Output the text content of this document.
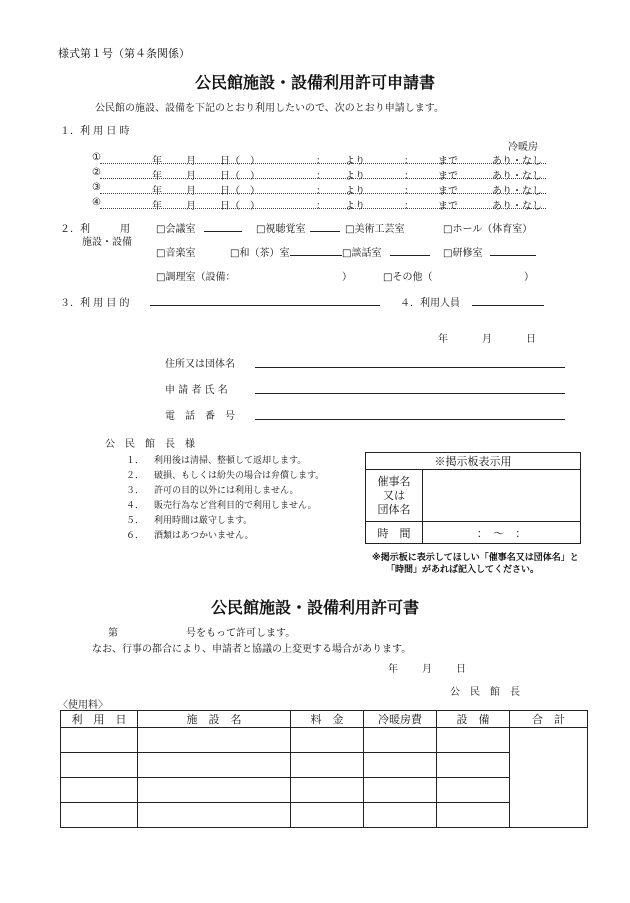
様式第１号（第４条関係）
公民館施設・設備利用許可申請書
公民館の施設、設備を下記のとおり利用したいので、次のとおり申請します。
１．利 用 日 時
冷暖房
①	年 月 日（　）	： より	： まで	あり・なし
②	年 月 日（　）	： より	： まで	あり・なし
③	年 月 日（　）	： より	： まで	あり・なし
④	年 月 日（　）	： より	： まで	あり・なし
２．利　　　用
施設・設備
□会議室	□視聴覚室	□美術工芸室	□ホール（体育室）
□音楽室	□和（茶）室	□談話室	□研修室
□調理室（設備：	）	□その他（	）
３．利 用 目 的	４．利用人員
年	月	日
住所又は団体名
申 請 者 氏 名
電　話　番　号
公　民　館　長　様
１． 利用後は清掃、整頓して返却します。
２． 破損、もしくは紛失の場合は弁償します。
３． 許可の目的以外には利用しません。
４． 販売行為など営利目的で利用しません。
５． 利用時間は厳守します。
６． 酒類はあつかいません。
※掲示板表示用	

催事名
又は
団体名	

時　間	：　〜　：
※掲示板に表示してほしい「催事名又は団体名」と
「時間」があれば記入してください。
公民館施設・設備利用許可書
第	号をもって許可します。
なお、行事の都合により、申請者と協議の上変更する場合があります。
年 月 日
公　民　館　長
〈使用料〉
利　用　日	施　設　名	料　金	冷暖房費	設　備	合　計
